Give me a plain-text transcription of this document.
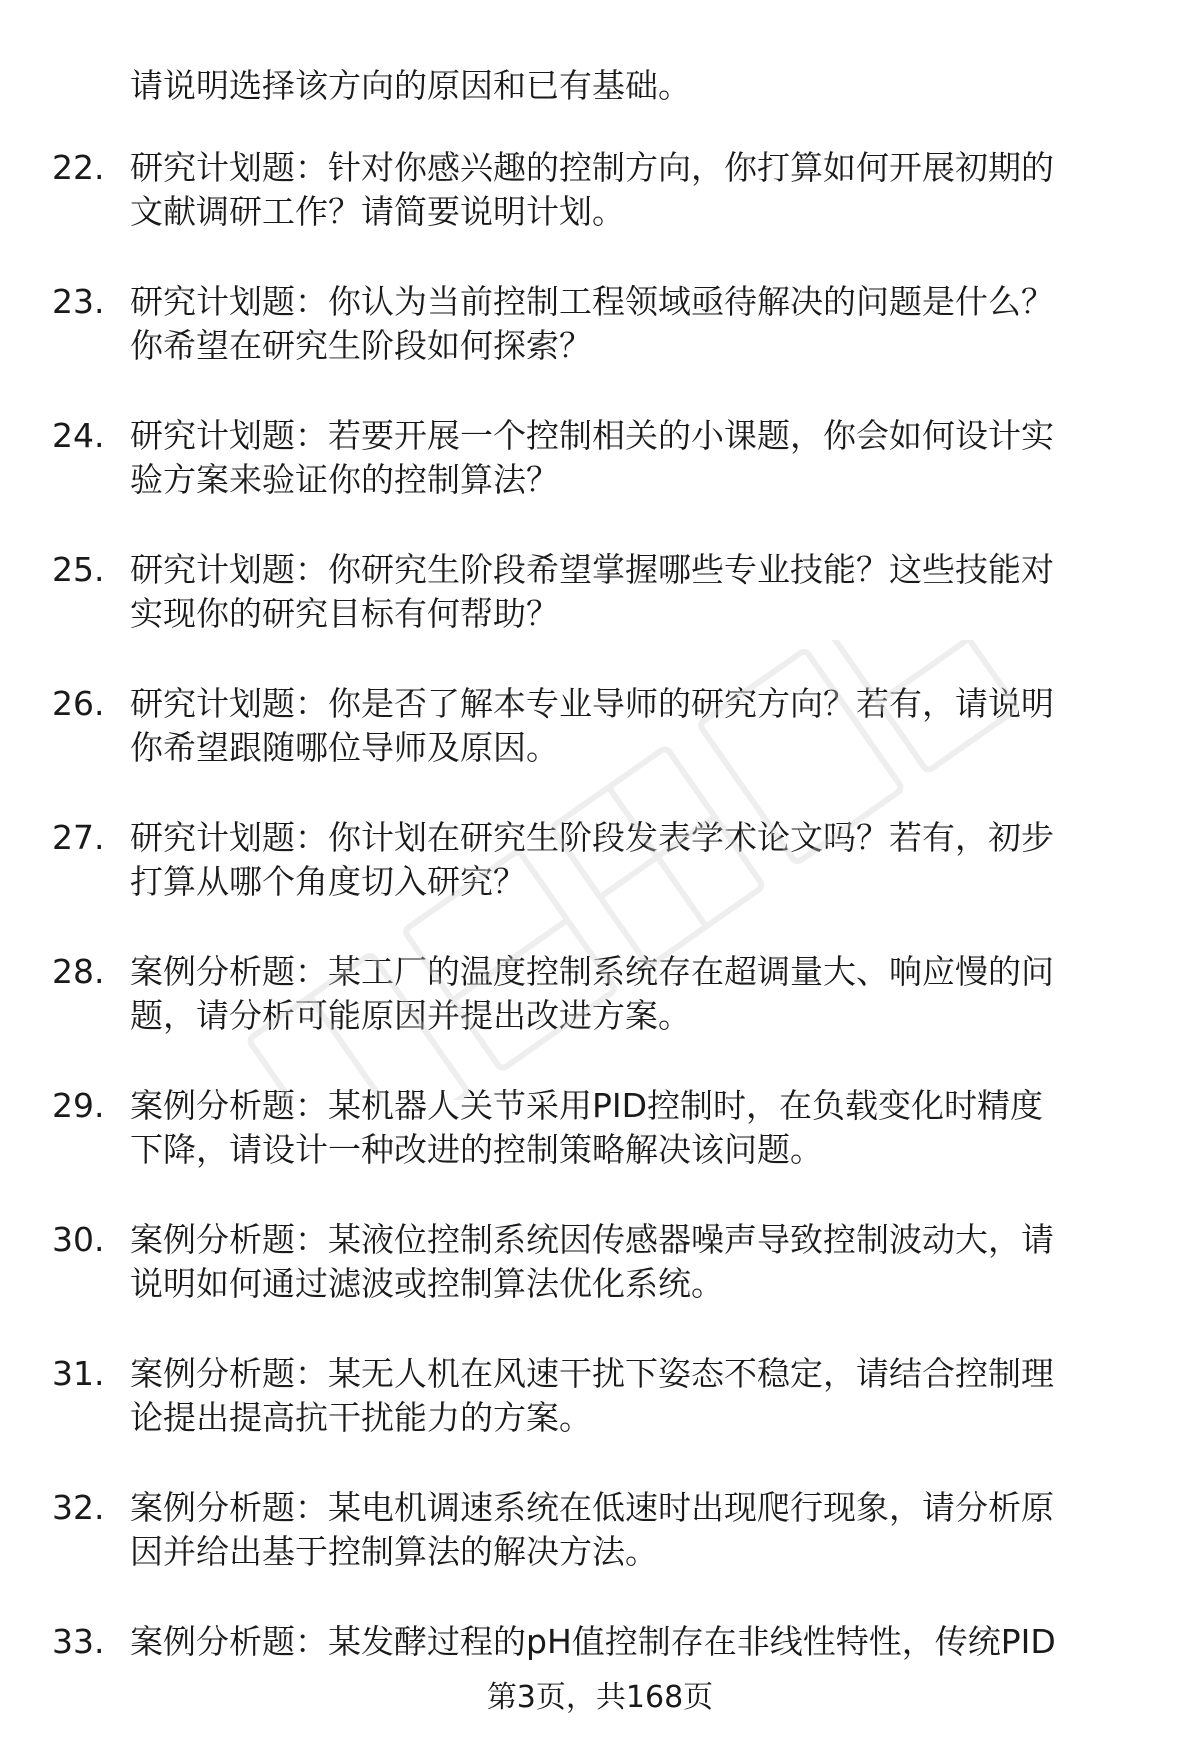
请说明选择该方向的原因和已有基础。
22. 研究计划题：针对你感兴趣的控制方向，你打算如何开展初期的
文献调研工作？请简要说明计划。
23. 研究计划题：你认为当前控制工程领域亟待解决的问题是什么？
你希望在研究生阶段如何探索？
24. 研究计划题：若要开展一个控制相关的小课题，你会如何设计实
验方案来验证你的控制算法？
25. 研究计划题：你研究生阶段希望掌握哪些专业技能？这些技能对
实现你的研究目标有何帮助？
26. 研究计划题：你是否了解本专业导师的研究方向？若有，请说明
你希望跟随哪位导师及原因。
27. 研究计划题：你计划在研究生阶段发表学术论文吗？若有，初步
打算从哪个角度切入研究？
28. 案例分析题：某工厂的温度控制系统存在超调量大、响应慢的问
题，请分析可能原因并提出改进方案。
29. 案例分析题：某机器人关节采用PID控制时，在负载变化时精度
下降，请设计一种改进的控制策略解决该问题。
30. 案例分析题：某液位控制系统因传感器噪声导致控制波动大，请
说明如何通过滤波或控制算法优化系统。
31. 案例分析题：某无人机在风速干扰下姿态不稳定，请结合控制理
论提出提高抗干扰能力的方案。
32. 案例分析题：某电机调速系统在低速时出现爬行现象，请分析原
因并给出基于控制算法的解决方法。
33. 案例分析题：某发酵过程的pH值控制存在非线性特性，传统PID
第3页，共168页
